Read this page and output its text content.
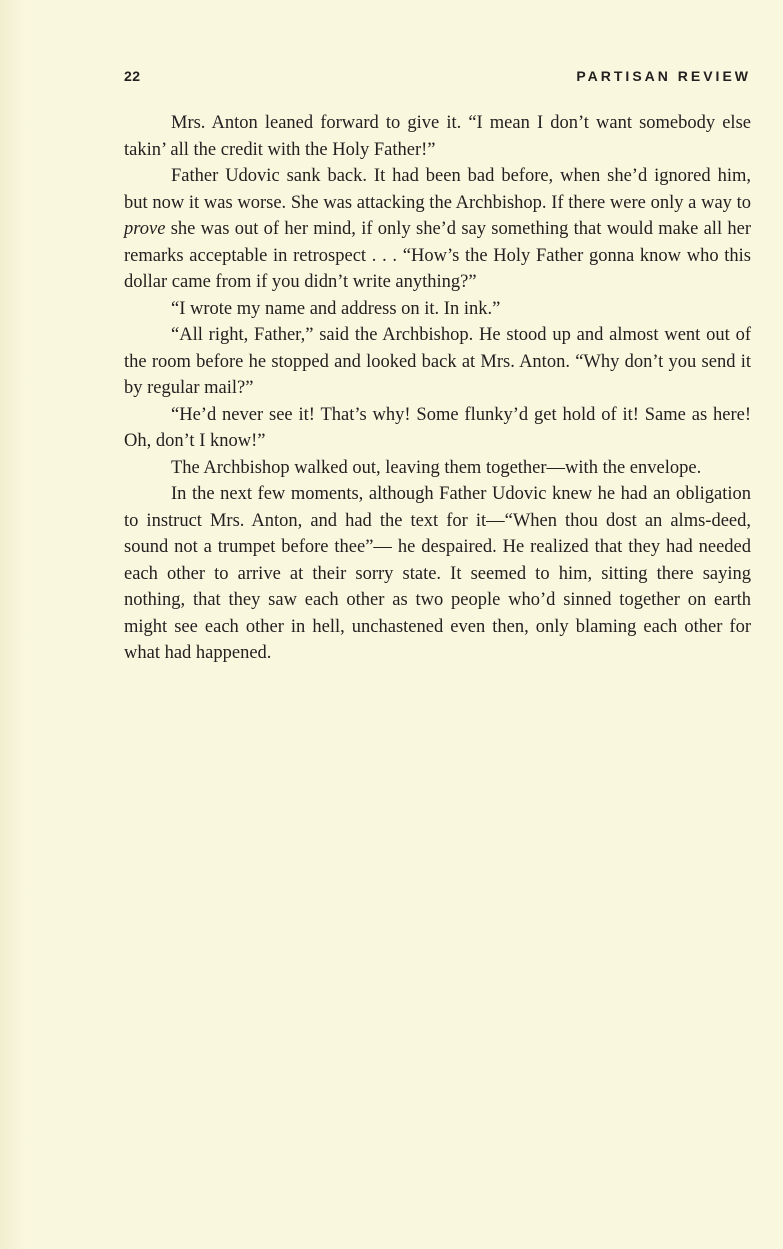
22	PARTISAN REVIEW

Mrs. Anton leaned forward to give it. “I mean I don’t want somebody else takin’ all the credit with the Holy Father!”

Father Udovic sank back. It had been bad before, when she’d ignored him, but now it was worse. She was attacking the Archbishop. If there were only a way to prove she was out of her mind, if only she’d say something that would make all her remarks acceptable in retrospect . . . “How’s the Holy Father gonna know who this dollar came from if you didn’t write anything?”

“I wrote my name and address on it. In ink.”

“All right, Father,” said the Archbishop. He stood up and almost went out of the room before he stopped and looked back at Mrs. Anton. “Why don’t you send it by regular mail?”

“He’d never see it! That’s why! Some flunky’d get hold of it! Same as here! Oh, don’t I know!”

The Archbishop walked out, leaving them together—with the envelope.

In the next few moments, although Father Udovic knew he had an obligation to instruct Mrs. Anton, and had the text for it—“When thou dost an alms-deed, sound not a trumpet before thee”— he despaired. He realized that they had needed each other to arrive at their sorry state. It seemed to him, sitting there saying nothing, that they saw each other as two people who’d sinned together on earth might see each other in hell, unchastened even then, only blaming each other for what had happened.
